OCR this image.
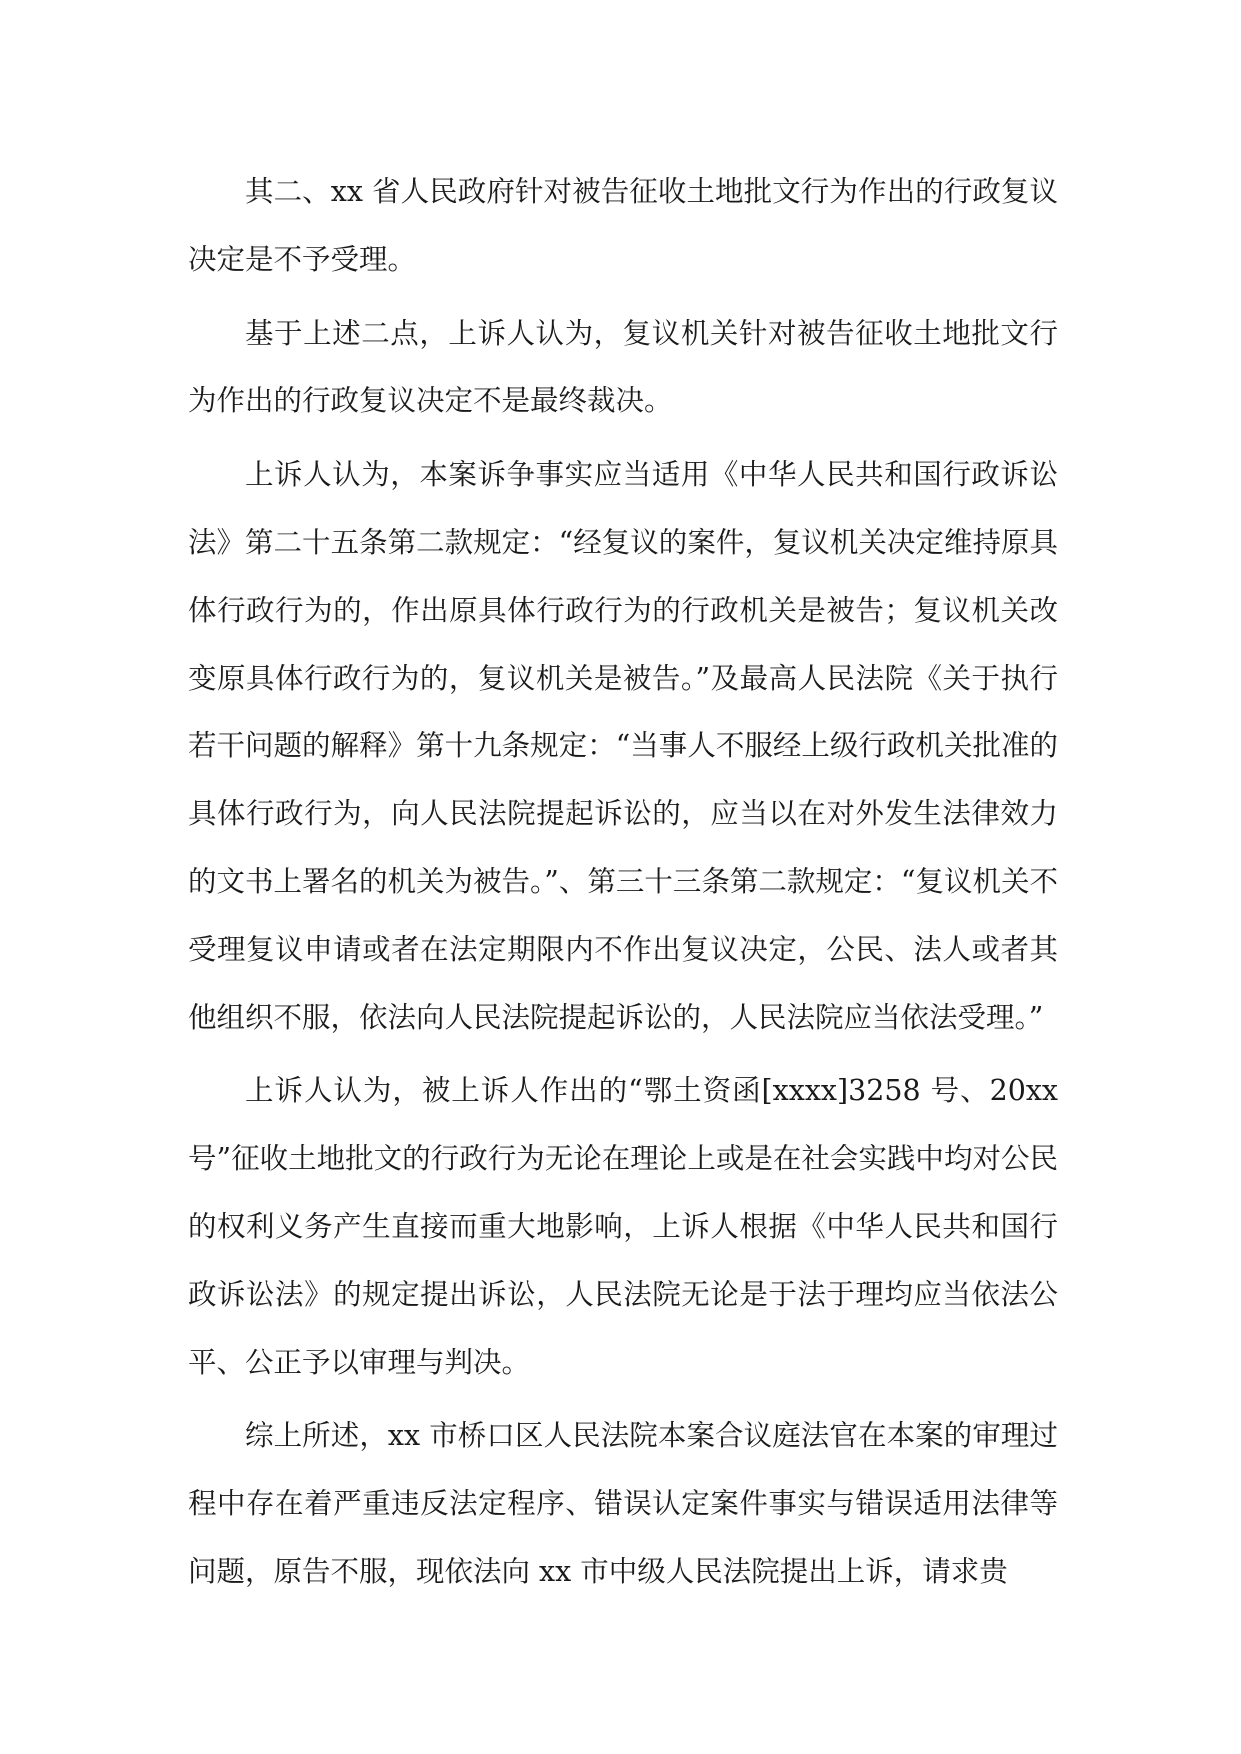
其二、xx 省人民政府针对被告征收土地批文行为作出的行政复议决定是不予受理。

基于上述二点，上诉人认为，复议机关针对被告征收土地批文行为作出的行政复议决定不是最终裁决。

上诉人认为，本案诉争事实应当适用《中华人民共和国行政诉讼法》第二十五条第二款规定：“经复议的案件，复议机关决定维持原具体行政行为的，作出原具体行政行为的行政机关是被告；复议机关改变原具体行政行为的，复议机关是被告。”及最高人民法院《关于执行若干问题的解释》第十九条规定：“当事人不服经上级行政机关批准的具体行政行为，向人民法院提起诉讼的，应当以在对外发生法律效力的文书上署名的机关为被告。”、第三十三条第二款规定：“复议机关不受理复议申请或者在法定期限内不作出复议决定，公民、法人或者其他组织不服，依法向人民法院提起诉讼的，人民法院应当依法受理。”

上诉人认为，被上诉人作出的“鄂土资函[xxxx]3258 号、20xx 号”征收土地批文的行政行为无论在理论上或是在社会实践中均对公民的权利义务产生直接而重大地影响，上诉人根据《中华人民共和国行政诉讼法》的规定提出诉讼，人民法院无论是于法于理均应当依法公平、公正予以审理与判决。

综上所述，xx 市桥口区人民法院本案合议庭法官在本案的审理过程中存在着严重违反法定程序、错误认定案件事实与错误适用法律等问题，原告不服，现依法向 xx 市中级人民法院提出上诉，请求贵
